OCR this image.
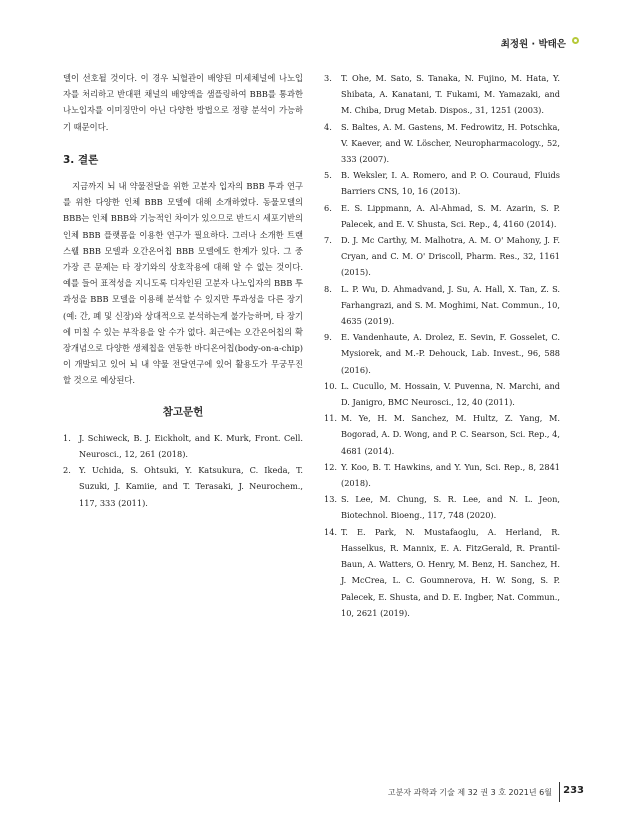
최정원 · 박태은

델이 선호될 것이다. 이 경우 뇌혈관이 배양된 미세체널에 나노입자를 처리하고 반대편 채널의 배양액을 샘플링하여 BBB를 통과한 나노입자를 이미징만이 아닌 다양한 방법으로 정량 분석이 가능하기 때문이다.

3. 결론

지금까지 뇌 내 약물전달을 위한 고분자 입자의 BBB 투과 연구를 위한 다양한 인체 BBB 모델에 대해 소개하였다. 동물모델의 BBB는 인체 BBB와 기능적인 차이가 있으므로 반드시 세포기반의 인체 BBB 플랫폼을 이용한 연구가 필요하다. 그러나 소개한 트랜스웰 BBB 모델과 오간온어칩 BBB 모델에도 한계가 있다. 그 중 가장 큰 문제는 타 장기와의 상호작용에 대해 알 수 없는 것이다. 예를 들어 표적성을 지니도록 디자인된 고분자 나노입자의 BBB 투과성을 BBB 모델을 이용해 분석할 수 있지만 투과성을 다른 장기(예: 간, 폐 및 신장)와 상대적으로 분석하는게 불가능하며, 타 장기에 미칠 수 있는 부작용을 알 수가 없다. 최근에는 오간온어칩의 확장개념으로 다양한 생체칩을 연동한 바디온어칩(body-on-a-chip)이 개발되고 있어 뇌 내 약물 전달연구에 있어 활용도가 무궁무진할 것으로 예상된다.

참고문헌
1. J. Schiweck, B. J. Eickholt, and K. Murk, Front. Cell. Neurosci., 12, 261 (2018).
2. Y. Uchida, S. Ohtsuki, Y. Katsukura, C. Ikeda, T. Suzuki, J. Kamiie, and T. Terasaki, J. Neurochem., 117, 333 (2011).
3.	T. Ohe, M. Sato, S. Tanaka, N. Fujino, M. Hata, Y. Shibata, A. Kanatani, T. Fukami, M. Yamazaki, and M. Chiba, Drug Metab. Dispos., 31, 1251 (2003).
4.	S. Baltes, A. M. Gastens, M. Fedrowitz, H. Potschka, V. Kaever, and W. Löscher, Neuropharmacology., 52, 333 (2007).
5.	B. Weksler, I. A. Romero, and P. O. Couraud, Fluids Barriers CNS, 10, 16 (2013).
6.	E. S. Lippmann, A. Al-Ahmad, S. M. Azarin, S. P. Palecek, and E. V. Shusta, Sci. Rep., 4, 4160 (2014).
7.	D. J. Mc Carthy, M. Malhotra, A. M. O' Mahony, J. F. Cryan, and C. M. O' Driscoll, Pharm. Res., 32, 1161 (2015).
8.	L. P. Wu, D. Ahmadvand, J. Su, A. Hall, X. Tan, Z. S. Farhangrazi, and S. M. Moghimi, Nat. Commun., 10, 4635 (2019).
9.	E. Vandenhaute, A. Drolez, E. Sevin, F. Gosselet, C. Mysiorek, and M.-P. Dehouck, Lab. Invest., 96, 588 (2016).
10. L. Cucullo, M. Hossain, V. Puvenna, N. Marchi, and D. Janigro, BMC Neurosci., 12, 40 (2011).
11. M. Ye, H. M. Sanchez, M. Hultz, Z. Yang, M. Bogorad, A. D. Wong, and P. C. Searson, Sci. Rep., 4, 4681 (2014).
12. Y. Koo, B. T. Hawkins, and Y. Yun, Sci. Rep., 8, 2841 (2018).
13. S. Lee, M. Chung, S. R. Lee, and N. L. Jeon, Biotechnol. Bioeng., 117, 748 (2020).
14. T. E. Park, N. Mustafaoglu, A. Herland, R. Hasselkus, R. Mannix, E. A. FitzGerald, R. Prantil-Baun, A. Watters, O. Henry, M. Benz, H. Sanchez, H. J. McCrea, L. C. Goumnerova, H. W. Song, S. P. Palecek, E. Shusta, and D. E. Ingber, Nat. Commun., 10, 2621 (2019).
고분자 과학과 기술 제 32 권 3 호 2021년 6월 233
